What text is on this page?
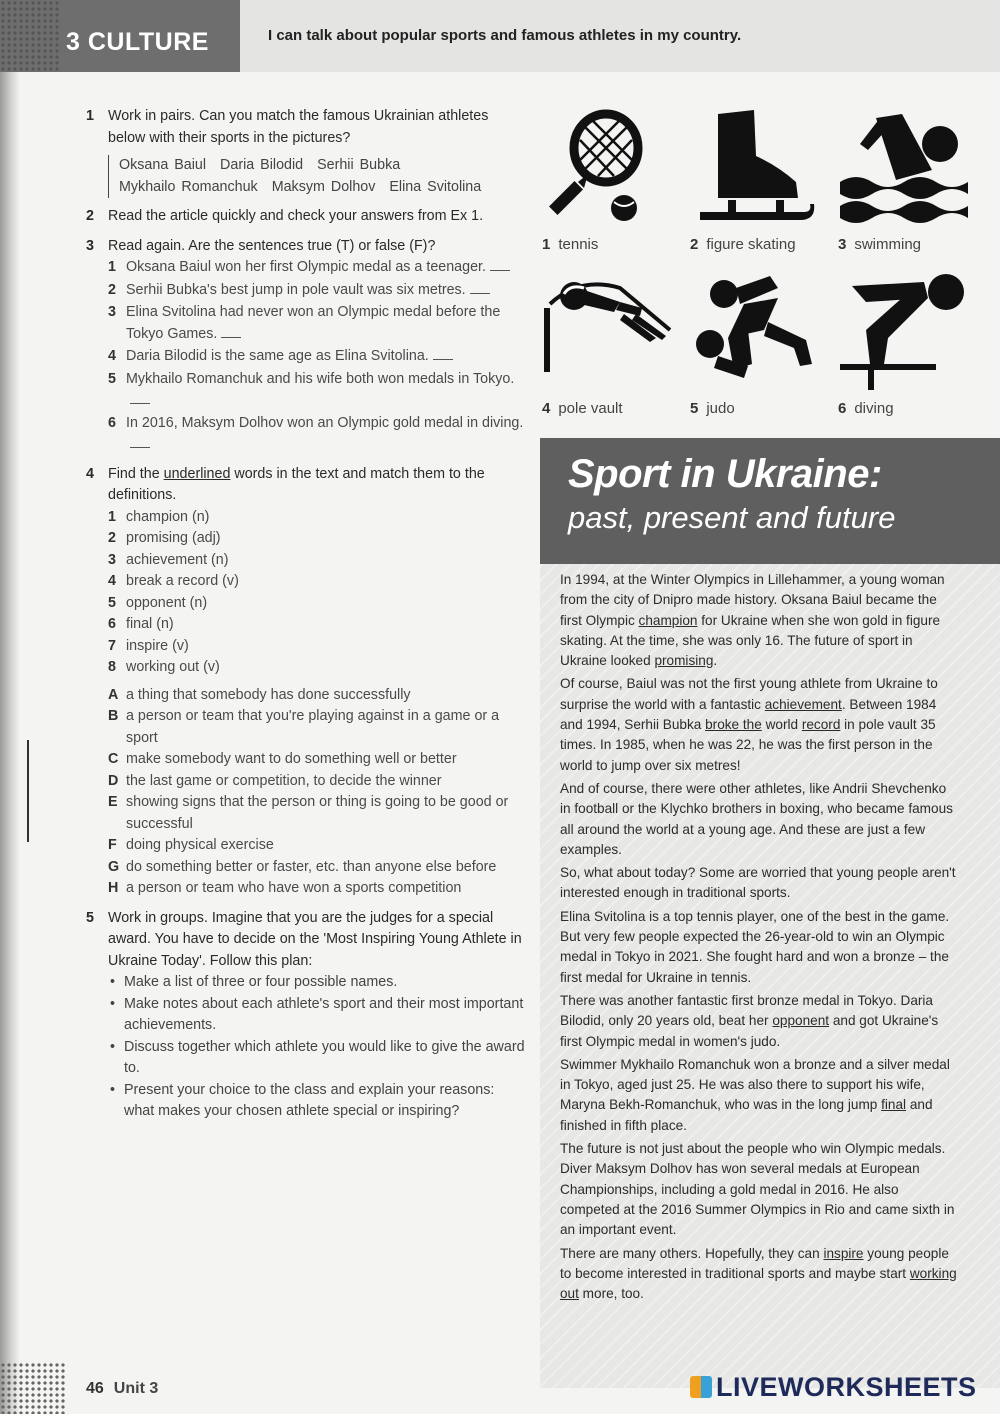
3 CULTURE	I can talk about popular sports and famous athletes in my country.
1 Work in pairs. Can you match the famous Ukrainian athletes below with their sports in the pictures?
Oksana Baiul Daria Bilodid Serhii Bubka
Mykhailo Romanchuk Maksym Dolhov Elina Svitolina
2 Read the article quickly and check your answers from Ex 1.
3 Read again. Are the sentences true (T) or false (F)?
1 Oksana Baiul won her first Olympic medal as a teenager.
2 Serhii Bubka's best jump in pole vault was six metres.
3 Elina Svitolina had never won an Olympic medal before the Tokyo Games.
4 Daria Bilodid is the same age as Elina Svitolina.
5 Mykhailo Romanchuk and his wife both won medals in Tokyo.
6 In 2016, Maksym Dolhov won an Olympic gold medal in diving.
4 Find the underlined words in the text and match them to the definitions.
1 champion (n)
2 promising (adj)
3 achievement (n)
4 break a record (v)
5 opponent (n)
6 final (n)
7 inspire (v)
8 working out (v)
A a thing that somebody has done successfully
B a person or team that you're playing against in a game or a sport
C make somebody want to do something well or better
D the last game or competition, to decide the winner
E showing signs that the person or thing is going to be good or successful
F doing physical exercise
G do something better or faster, etc. than anyone else before
H a person or team who have won a sports competition
5 Work in groups. Imagine that you are the judges for a special award. You have to decide on the 'Most Inspiring Young Athlete in Ukraine Today'. Follow this plan:
• Make a list of three or four possible names.
• Make notes about each athlete's sport and their most important achievements.
• Discuss together which athlete you would like to give the award to.
• Present your choice to the class and explain your reasons: what makes your chosen athlete special or inspiring?
1 tennis	2 figure skating	3 swimming
4 pole vault	5 judo	6 diving
Sport in Ukraine:
past, present and future

In 1994, at the Winter Olympics in Lillehammer, a young woman from the city of Dnipro made history. Oksana Baiul became the first Olympic champion for Ukraine when she won gold in figure skating. At the time, she was only 16. The future of sport in Ukraine looked promising.

Of course, Baiul was not the first young athlete from Ukraine to surprise the world with a fantastic achievement. Between 1984 and 1994, Serhii Bubka broke the world record in pole vault 35 times. In 1985, when he was 22, he was the first person in the world to jump over six metres!

And of course, there were other athletes, like Andrii Shevchenko in football or the Klychko brothers in boxing, who became famous all around the world at a young age. And these are just a few examples.

So, what about today? Some are worried that young people aren't interested enough in traditional sports.

Elina Svitolina is a top tennis player, one of the best in the game. But very few people expected the 26-year-old to win an Olympic medal in Tokyo in 2021. She fought hard and won a bronze – the first medal for Ukraine in tennis.

There was another fantastic first bronze medal in Tokyo. Daria Bilodid, only 20 years old, beat her opponent and got Ukraine's first Olympic medal in women's judo.

Swimmer Mykhailo Romanchuk won a bronze and a silver medal in Tokyo, aged just 25. He was also there to support his wife, Maryna Bekh-Romanchuk, who was in the long jump final and finished in fifth place.

The future is not just about the people who win Olympic medals. Diver Maksym Dolhov has won several medals at European Championships, including a gold medal in 2016. He also competed at the 2016 Summer Olympics in Rio and came sixth in an important event.

There are many others. Hopefully, they can inspire young people to become interested in traditional sports and maybe start working out more, too.

46 Unit 3	LIVEWORKSHEETS
